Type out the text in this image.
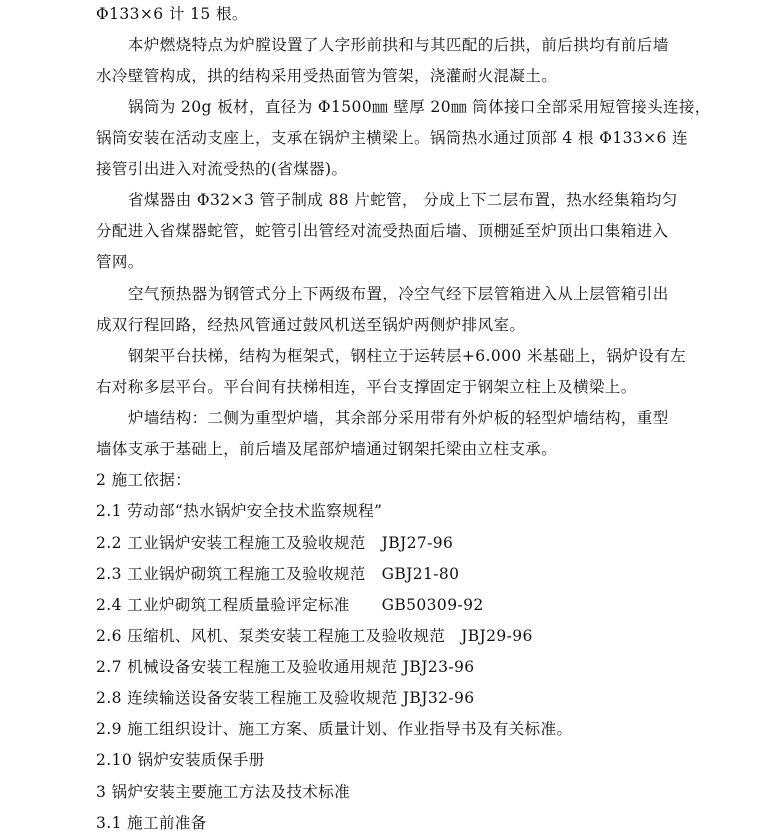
Φ133×6 计 15 根。

本炉燃烧特点为炉膛设置了人字形前拱和与其匹配的后拱，前后拱均有前后墙

水冷壁管构成，拱的结构采用受热面管为管架，浇灌耐火混凝土。

锅筒为 20g 板材，直径为 Φ1500㎜ 壁厚 20㎜ 筒体接口全部采用短管接头连接，

锅筒安装在活动支座上，支承在锅炉主横梁上。锅筒热水通过顶部 4 根 Φ133×6 连

接管引出进入对流受热的(省煤器)。

省煤器由 Φ32×3 管子制成 88 片蛇管， 分成上下二层布置，热水经集箱均匀

分配进入省煤器蛇管，蛇管引出管经对流受热面后墙、顶棚延至炉顶出口集箱进入

管网。

空气预热器为钢管式分上下两级布置，冷空气经下层管箱进入从上层管箱引出

成双行程回路，经热风管通过鼓风机送至锅炉两侧炉排风室。

钢架平台扶梯，结构为框架式，钢柱立于运转层+6.000 米基础上，锅炉设有左

右对称多层平台。平台间有扶梯相连，平台支撑固定于钢架立柱上及横梁上。

炉墙结构：二侧为重型炉墙，其余部分采用带有外炉板的轻型炉墙结构，重型

墙体支承于基础上，前后墙及尾部炉墙通过钢架托梁由立柱支承。

2 施工依据：

2.1 劳动部“热水锅炉安全技术监察规程”

2.2 工业锅炉安装工程施工及验收规范　JBJ27-96

2.3 工业锅炉砌筑工程施工及验收规范　GBJ21-80

2.4 工业炉砌筑工程质量验评定标准　　GB50309-92

2.6 压缩机、风机、泵类安装工程施工及验收规范　JBJ29-96

2.7 机械设备安装工程施工及验收通用规范 JBJ23-96

2.8 连续输送设备安装工程施工及验收规范 JBJ32-96

2.9 施工组织设计、施工方案、质量计划、作业指导书及有关标准。

2.10 锅炉安装质保手册

3 锅炉安装主要施工方法及技术标准

3.1 施工前准备
